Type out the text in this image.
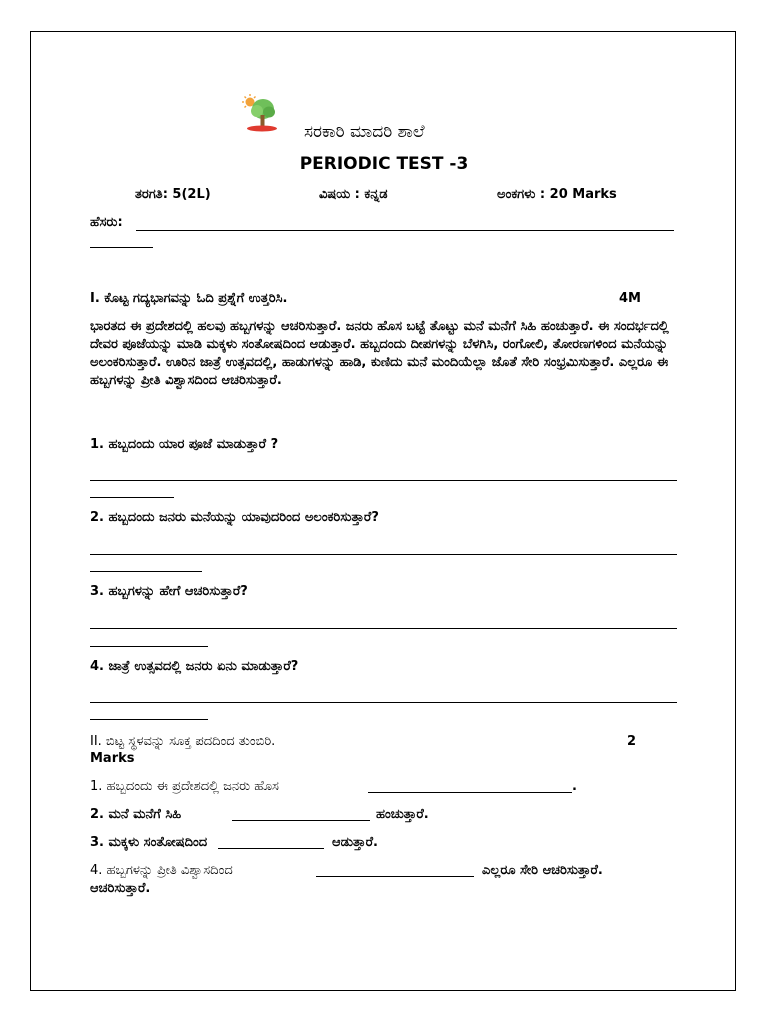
ಸರಕಾರಿ ಮಾದರಿ ಶಾಲೆ
PERIODIC TEST -3
ತರಗತಿ: 5(2L)	ವಿಷಯ : ಕನ್ನಡ	ಅಂಕಗಳು : 20 Marks
ಹೆಸರು:
I. ಕೊಟ್ಟ ಗದ್ಯಭಾಗವನ್ನು ಓದಿ ಪ್ರಶ್ನೆಗೆ ಉತ್ತರಿಸಿ.	4M
ಭಾರತದ ಈ ಪ್ರದೇಶದಲ್ಲಿ ಹಲವು ಹಬ್ಬಗಳನ್ನು ಆಚರಿಸುತ್ತಾರೆ. ಜನರು ಹೊಸ ಬಟ್ಟೆ ತೊಟ್ಟು ಮನೆ ಮನೆಗೆ ಸಿಹಿ ಹಂಚುತ್ತಾರೆ. ಈ ಸಂದರ್ಭದಲ್ಲಿ ದೇವರ ಪೂಜೆಯನ್ನು ಮಾಡಿ ಮಕ್ಕಳು ಸಂತೋಷದಿಂದ ಆಡುತ್ತಾರೆ. ಹಬ್ಬದಂದು ದೀಪಗಳನ್ನು ಬೆಳಗಿಸಿ, ರಂಗೋಲಿ, ತೋರಣಗಳಿಂದ ಮನೆಯನ್ನು ಅಲಂಕರಿಸುತ್ತಾರೆ. ಊರಿನ ಜಾತ್ರೆ ಉತ್ಸವದಲ್ಲಿ, ಹಾಡುಗಳನ್ನು ಹಾಡಿ, ಕುಣಿದು ಮನೆ ಮಂದಿಯೆಲ್ಲಾ ಜೊತೆ ಸೇರಿ ಸಂಭ್ರಮಿಸುತ್ತಾರೆ. ಎಲ್ಲರೂ ಈ ಹಬ್ಬಗಳನ್ನು ಪ್ರೀತಿ ವಿಶ್ವಾಸದಿಂದ ಆಚರಿಸುತ್ತಾರೆ.
1. ಹಬ್ಬದಂದು ಯಾರ ಪೂಜೆ ಮಾಡುತ್ತಾರೆ ?
2. ಹಬ್ಬದಂದು ಜನರು ಮನೆಯನ್ನು ಯಾವುದರಿಂದ ಅಲಂಕರಿಸುತ್ತಾರೆ?
3. ಹಬ್ಬಗಳನ್ನು ಹೇಗೆ ಆಚರಿಸುತ್ತಾರೆ?
4. ಜಾತ್ರೆ ಉತ್ಸವದಲ್ಲಿ ಜನರು ಏನು ಮಾಡುತ್ತಾರೆ?
II. ಬಿಟ್ಟ ಸ್ಥಳವನ್ನು ಸೂಕ್ತ ಪದದಿಂದ ತುಂಬಿರಿ.	2
Marks
1. ಹಬ್ಬದಂದು ಈ ಪ್ರದೇಶದಲ್ಲಿ ಜನರು ಹೊಸ	.
2. ಮನೆ ಮನೆಗೆ ಸಿಹಿ	ಹಂಚುತ್ತಾರೆ.
3. ಮಕ್ಕಳು ಸಂತೋಷದಿಂದ	ಆಡುತ್ತಾರೆ.
4. ಹಬ್ಬಗಳನ್ನು ಪ್ರೀತಿ ವಿಶ್ವಾಸದಿಂದ	ಎಲ್ಲರೂ ಸೇರಿ ಆಚರಿಸುತ್ತಾರೆ.
ಆಚರಿಸುತ್ತಾರೆ.
